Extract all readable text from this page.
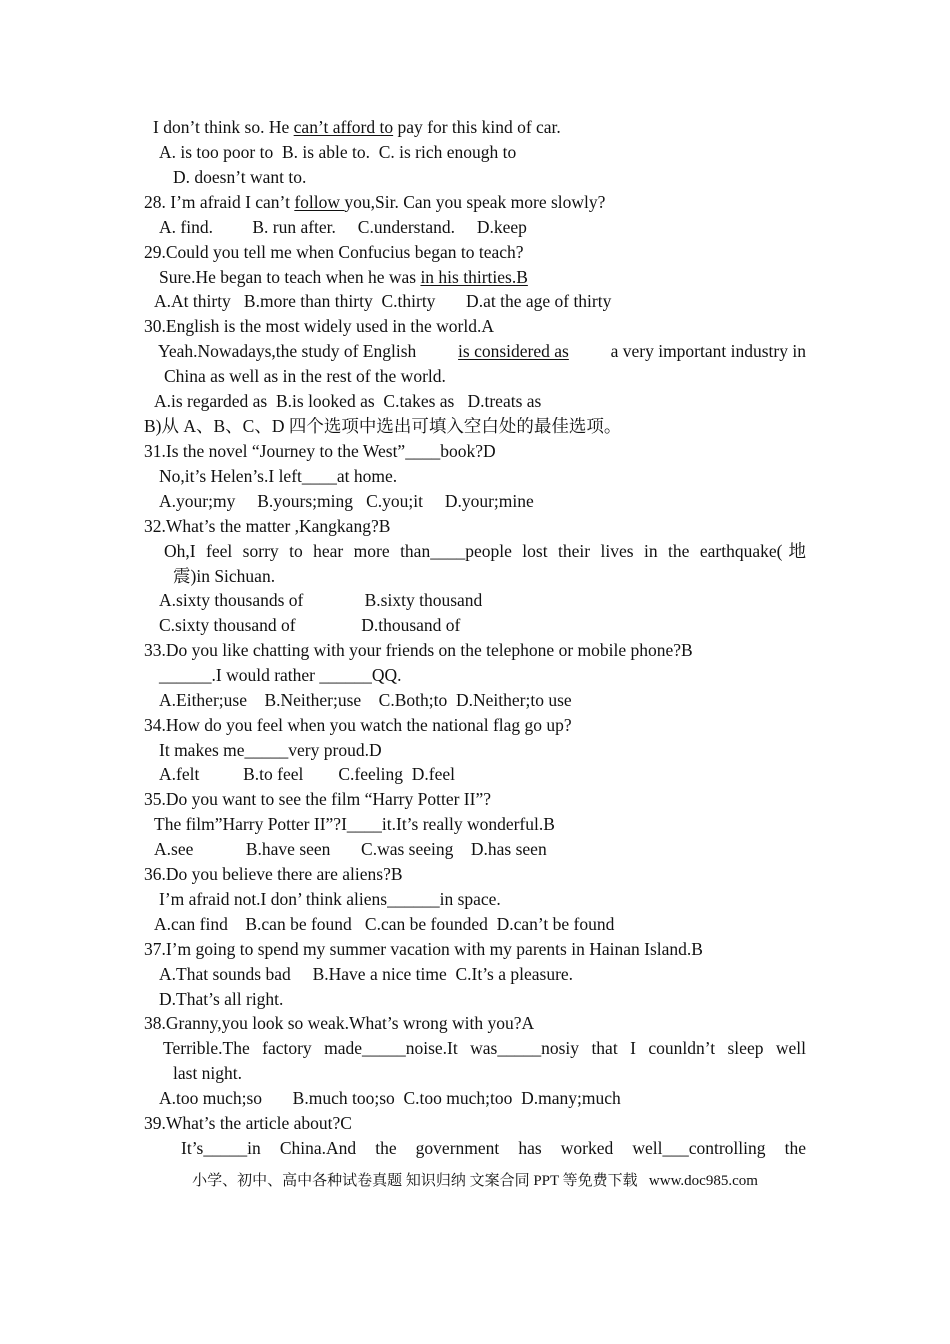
I don’t think so. He can’t afford to pay for this kind of car.
A. is too poor to  B. is able to.  C. is rich enough to
D. doesn’t want to.
28. I’m afraid I can’t follow you,Sir. Can you speak more slowly?
A. find.         B. run after.     C.understand.     D.keep
29.Could you tell me when Confucius began to teach?
Sure.He began to teach when he was in his thirties.B
A.At thirty   B.more than thirty  C.thirty       D.at the age of thirty
30.English is the most widely used in the world.A
Yeah.Nowadays,the study of English is considered as a very important industry in
China as well as in the rest of the world.
A.is regarded as  B.is looked as  C.takes as   D.treats as
B)从 A、B、C、D 四个选项中选出可填入空白处的最佳选项。
31.Is the novel “Journey to the West”____book?D
No,it’s Helen’s.I left____at home.
A.your;my     B.yours;ming   C.you;it     D.your;mine
32.What’s the matter ,Kangkang?B
Oh,I feel sorry to hear more than____people lost their lives in the earthquake(地
震)in Sichuan.
A.sixty thousands of              B.sixty thousand
C.sixty thousand of               D.thousand of
33.Do you like chatting with your friends on the telephone or mobile phone?B
______.I would rather ______QQ.
A.Either;use    B.Neither;use    C.Both;to  D.Neither;to use
34.How do you feel when you watch the national flag go up?
It makes me_____very proud.D
A.felt          B.to feel        C.feeling  D.feel
35.Do you want to see the film “Harry Potter II”?
The film”Harry Potter II”?I____it.It’s really wonderful.B
A.see            B.have seen       C.was seeing    D.has seen
36.Do you believe there are aliens?B
I’m afraid not.I don’ think aliens______in space.
A.can find    B.can be found   C.can be founded  D.can’t be found
37.I’m going to spend my summer vacation with my parents in Hainan Island.B
A.That sounds bad     B.Have a nice time  C.It’s a pleasure.
D.That’s all right.
38.Granny,you look so weak.What’s wrong with you?A
Terrible.The factory made_____noise.It was_____nosiy that I counldn’t sleep well
last night.
A.too much;so       B.much too;so  C.too much;too  D.many;much
39.What’s the article about?C
It’s_____in China.And the government has worked well___controlling the
小学、初中、高中各种试卷真题 知识归纳 文案合同 PPT 等免费下载   www.doc985.com
